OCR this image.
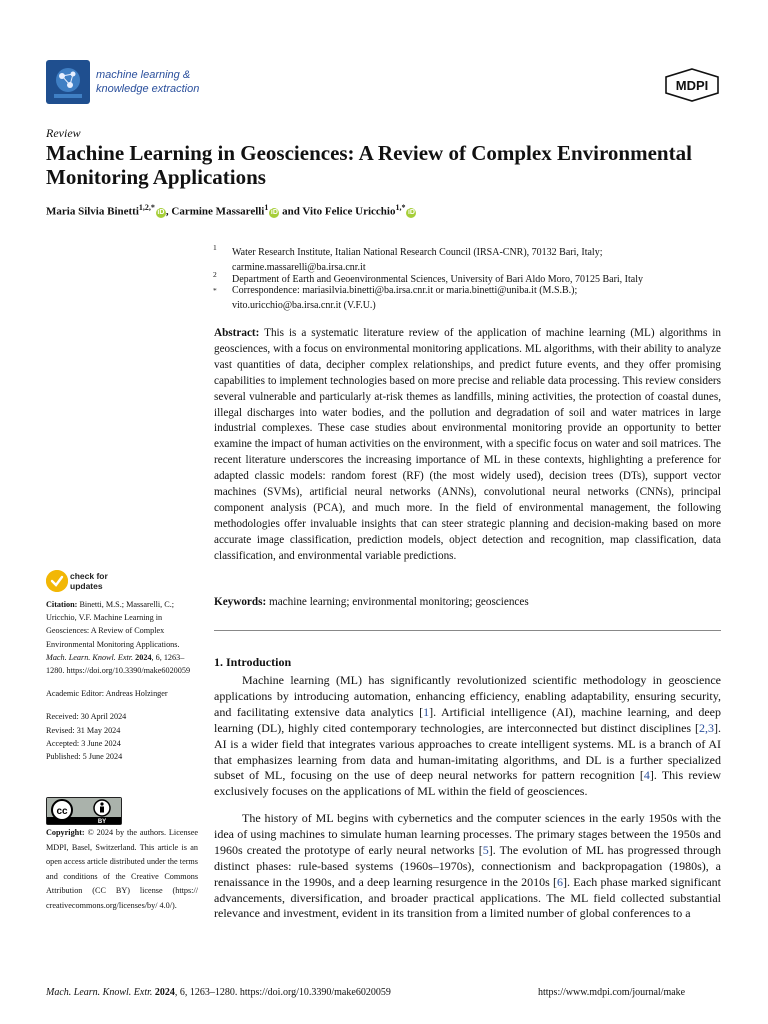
machine learning &
knowledge extraction	MDPI
Review
Machine Learning in Geosciences: A Review of Complex Environmental Monitoring Applications
Maria Silvia Binetti$^{1,2,*}$iD , Carmine Massarelli$^1$iD and Vito Felice Uricchio$^{1,*}$iD
1 Water Research Institute, Italian National Research Council (IRSA-CNR), 70132 Bari, Italy;
carmine.massarelli@ba.irsa.cnr.it
2 Department of Earth and Geoenvironmental Sciences, University of Bari Aldo Moro, 70125 Bari, Italy
* Correspondence: mariasilvia.binetti@ba.irsa.cnr.it or maria.binetti@uniba.it (M.S.B.);
vito.uricchio@ba.irsa.cnr.it (V.F.U.)
Abstract: This is a systematic literature review of the application of machine learning (ML) algorithms in geosciences, with a focus on environmental monitoring applications. ML algorithms, with their ability to analyze vast quantities of data, decipher complex relationships, and predict future events, and they offer promising capabilities to implement technologies based on more precise and reliable data processing. This review considers several vulnerable and particularly at-risk themes as landfills, mining activities, the protection of coastal dunes, illegal discharges into water bodies, and the pollution and degradation of soil and water matrices in large industrial complexes. These case studies about environmental monitoring provide an opportunity to better examine the impact of human activities on the environment, with a specific focus on water and soil matrices. The recent literature underscores the increasing importance of ML in these contexts, highlighting a preference for adapted classic models: random forest (RF) (the most widely used), decision trees (DTs), support vector machines (SVMs), artificial neural networks (ANNs), convolutional neural networks (CNNs), principal component analysis (PCA), and much more. In the field of environmental management, the following methodologies offer invaluable insights that can steer strategic planning and decision-making based on more accurate image classification, prediction models, object detection and recognition, map classification, data classification, and environmental variable predictions.
Keywords: machine learning; environmental monitoring; geosciences
check for
updates

Citation: Binetti, M.S.; Massarelli, C.; Uricchio, V.F. Machine Learning in Geosciences: A Review of Complex Environmental Monitoring Applications. Mach. Learn. Knowl. Extr. 2024, 6, 1263–1280. https://doi.org/10.3390/make6020059

Academic Editor: Andreas Holzinger

Received: 30 April 2024

Revised: 31 May 2024

Accepted: 3 June 2024

Published: 5 June 2024

cc
BY
Copyright: © 2024 by the authors. Licensee MDPI, Basel, Switzerland. This article is an open access article distributed under the terms and conditions of the Creative Commons Attribution (CC BY) license (https:// creativecommons.org/licenses/by/ 4.0/).
1. Introduction
Machine learning (ML) has significantly revolutionized scientific methodology in geoscience applications by introducing automation, enhancing efficiency, enabling adaptability, ensuring security, and facilitating extensive data analytics [1]. Artificial intelligence (AI), machine learning, and deep learning (DL), highly cited contemporary technologies, are interconnected but distinct disciplines [2,3]. AI is a wider field that integrates various approaches to create intelligent systems. ML is a branch of AI that emphasizes learning from data and human-imitating algorithms, and DL is a further specialized subset of ML, focusing on the use of deep neural networks for pattern recognition [4]. This review exclusively focuses on the applications of ML within the field of geosciences.
The history of ML begins with cybernetics and the computer sciences in the early 1950s with the idea of using machines to simulate human learning processes. The primary stages between the 1950s and 1960s created the prototype of early neural networks [5]. The evolution of ML has progressed through distinct phases: rule-based systems (1960s–1970s), connectionism and backpropagation (1980s), a renaissance in the 1990s, and a deep learning resurgence in the 2010s [6]. Each phase marked significant advancements, diversification, and broader practical applications. The ML field collected substantial relevance and investment, evident in its transition from a limited number of global conferences to a
Mach. Learn. Knowl. Extr. 2024, 6, 1263–1280. https://doi.org/10.3390/make6020059	https://www.mdpi.com/journal/make
